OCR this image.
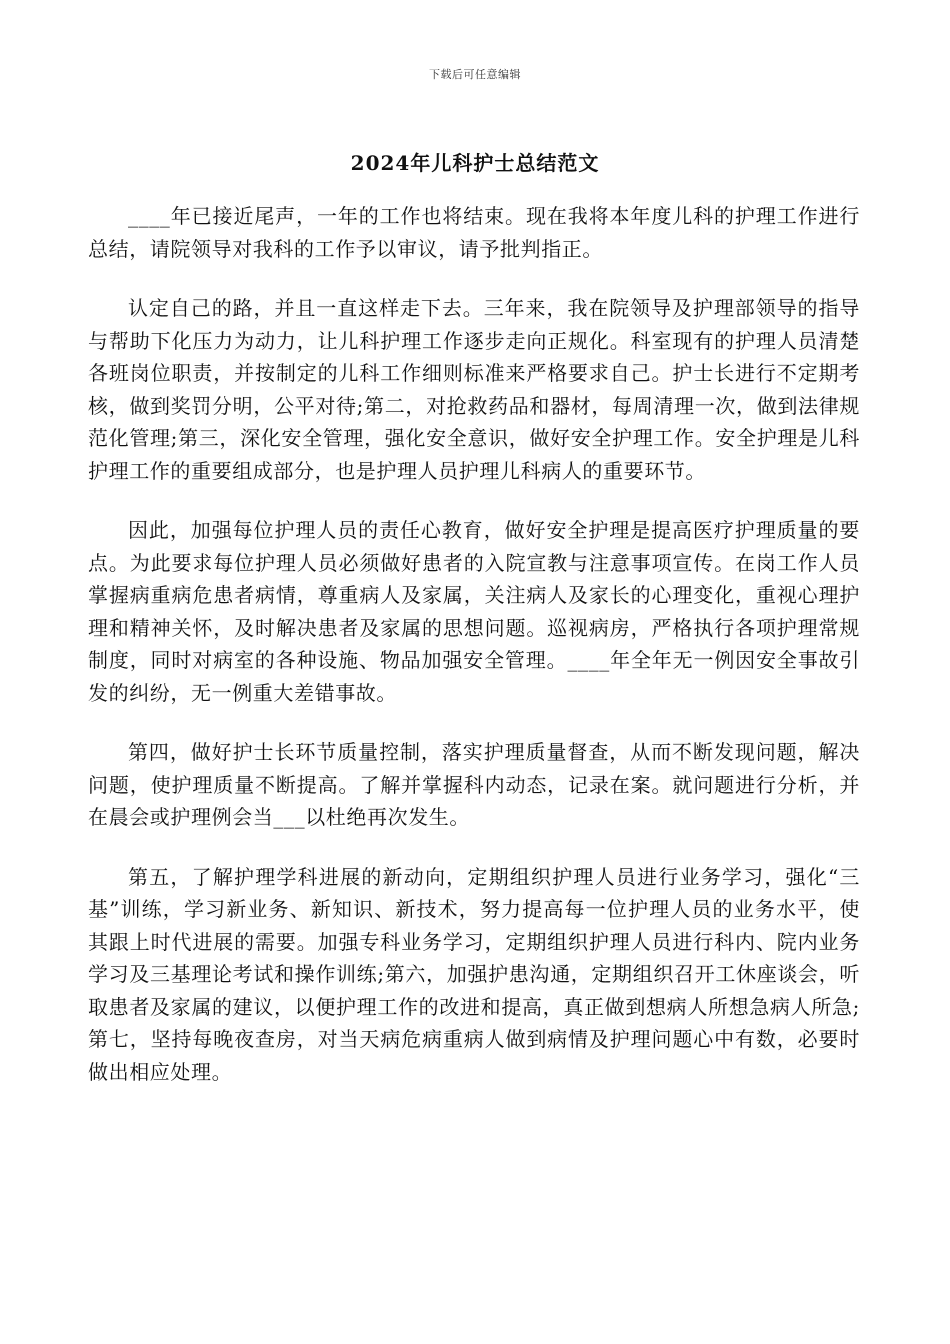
下载后可任意编辑
2024年儿科护士总结范文

____年已接近尾声，一年的工作也将结束。现在我将本年度儿科的护理工作进行总结，请院领导对我科的工作予以审议，请予批判指正。

认定自己的路，并且一直这样走下去。三年来，我在院领导及护理部领导的指导与帮助下化压力为动力，让儿科护理工作逐步走向正规化。科室现有的护理人员清楚各班岗位职责，并按制定的儿科工作细则标准来严格要求自己。护士长进行不定期考核，做到奖罚分明，公平对待;第二，对抢救药品和器材，每周清理一次，做到法律规范化管理;第三，深化安全管理，强化安全意识，做好安全护理工作。安全护理是儿科护理工作的重要组成部分，也是护理人员护理儿科病人的重要环节。

因此，加强每位护理人员的责任心教育，做好安全护理是提高医疗护理质量的要点。为此要求每位护理人员必须做好患者的入院宣教与注意事项宣传。在岗工作人员掌握病重病危患者病情，尊重病人及家属，关注病人及家长的心理变化，重视心理护理和精神关怀，及时解决患者及家属的思想问题。巡视病房，严格执行各项护理常规制度，同时对病室的各种设施、物品加强安全管理。____年全年无一例因安全事故引发的纠纷，无一例重大差错事故。

第四，做好护士长环节质量控制，落实护理质量督查，从而不断发现问题，解决问题，使护理质量不断提高。了解并掌握科内动态，记录在案。就问题进行分析，并在晨会或护理例会当___以杜绝再次发生。

第五，了解护理学科进展的新动向，定期组织护理人员进行业务学习，强化“三基”训练，学习新业务、新知识、新技术，努力提高每一位护理人员的业务水平，使其跟上时代进展的需要。加强专科业务学习，定期组织护理人员进行科内、院内业务学习及三基理论考试和操作训练;第六，加强护患沟通，定期组织召开工休座谈会，听取患者及家属的建议，以便护理工作的改进和提高，真正做到想病人所想急病人所急;第七，坚持每晚夜查房，对当天病危病重病人做到病情及护理问题心中有数，必要时做出相应处理。
